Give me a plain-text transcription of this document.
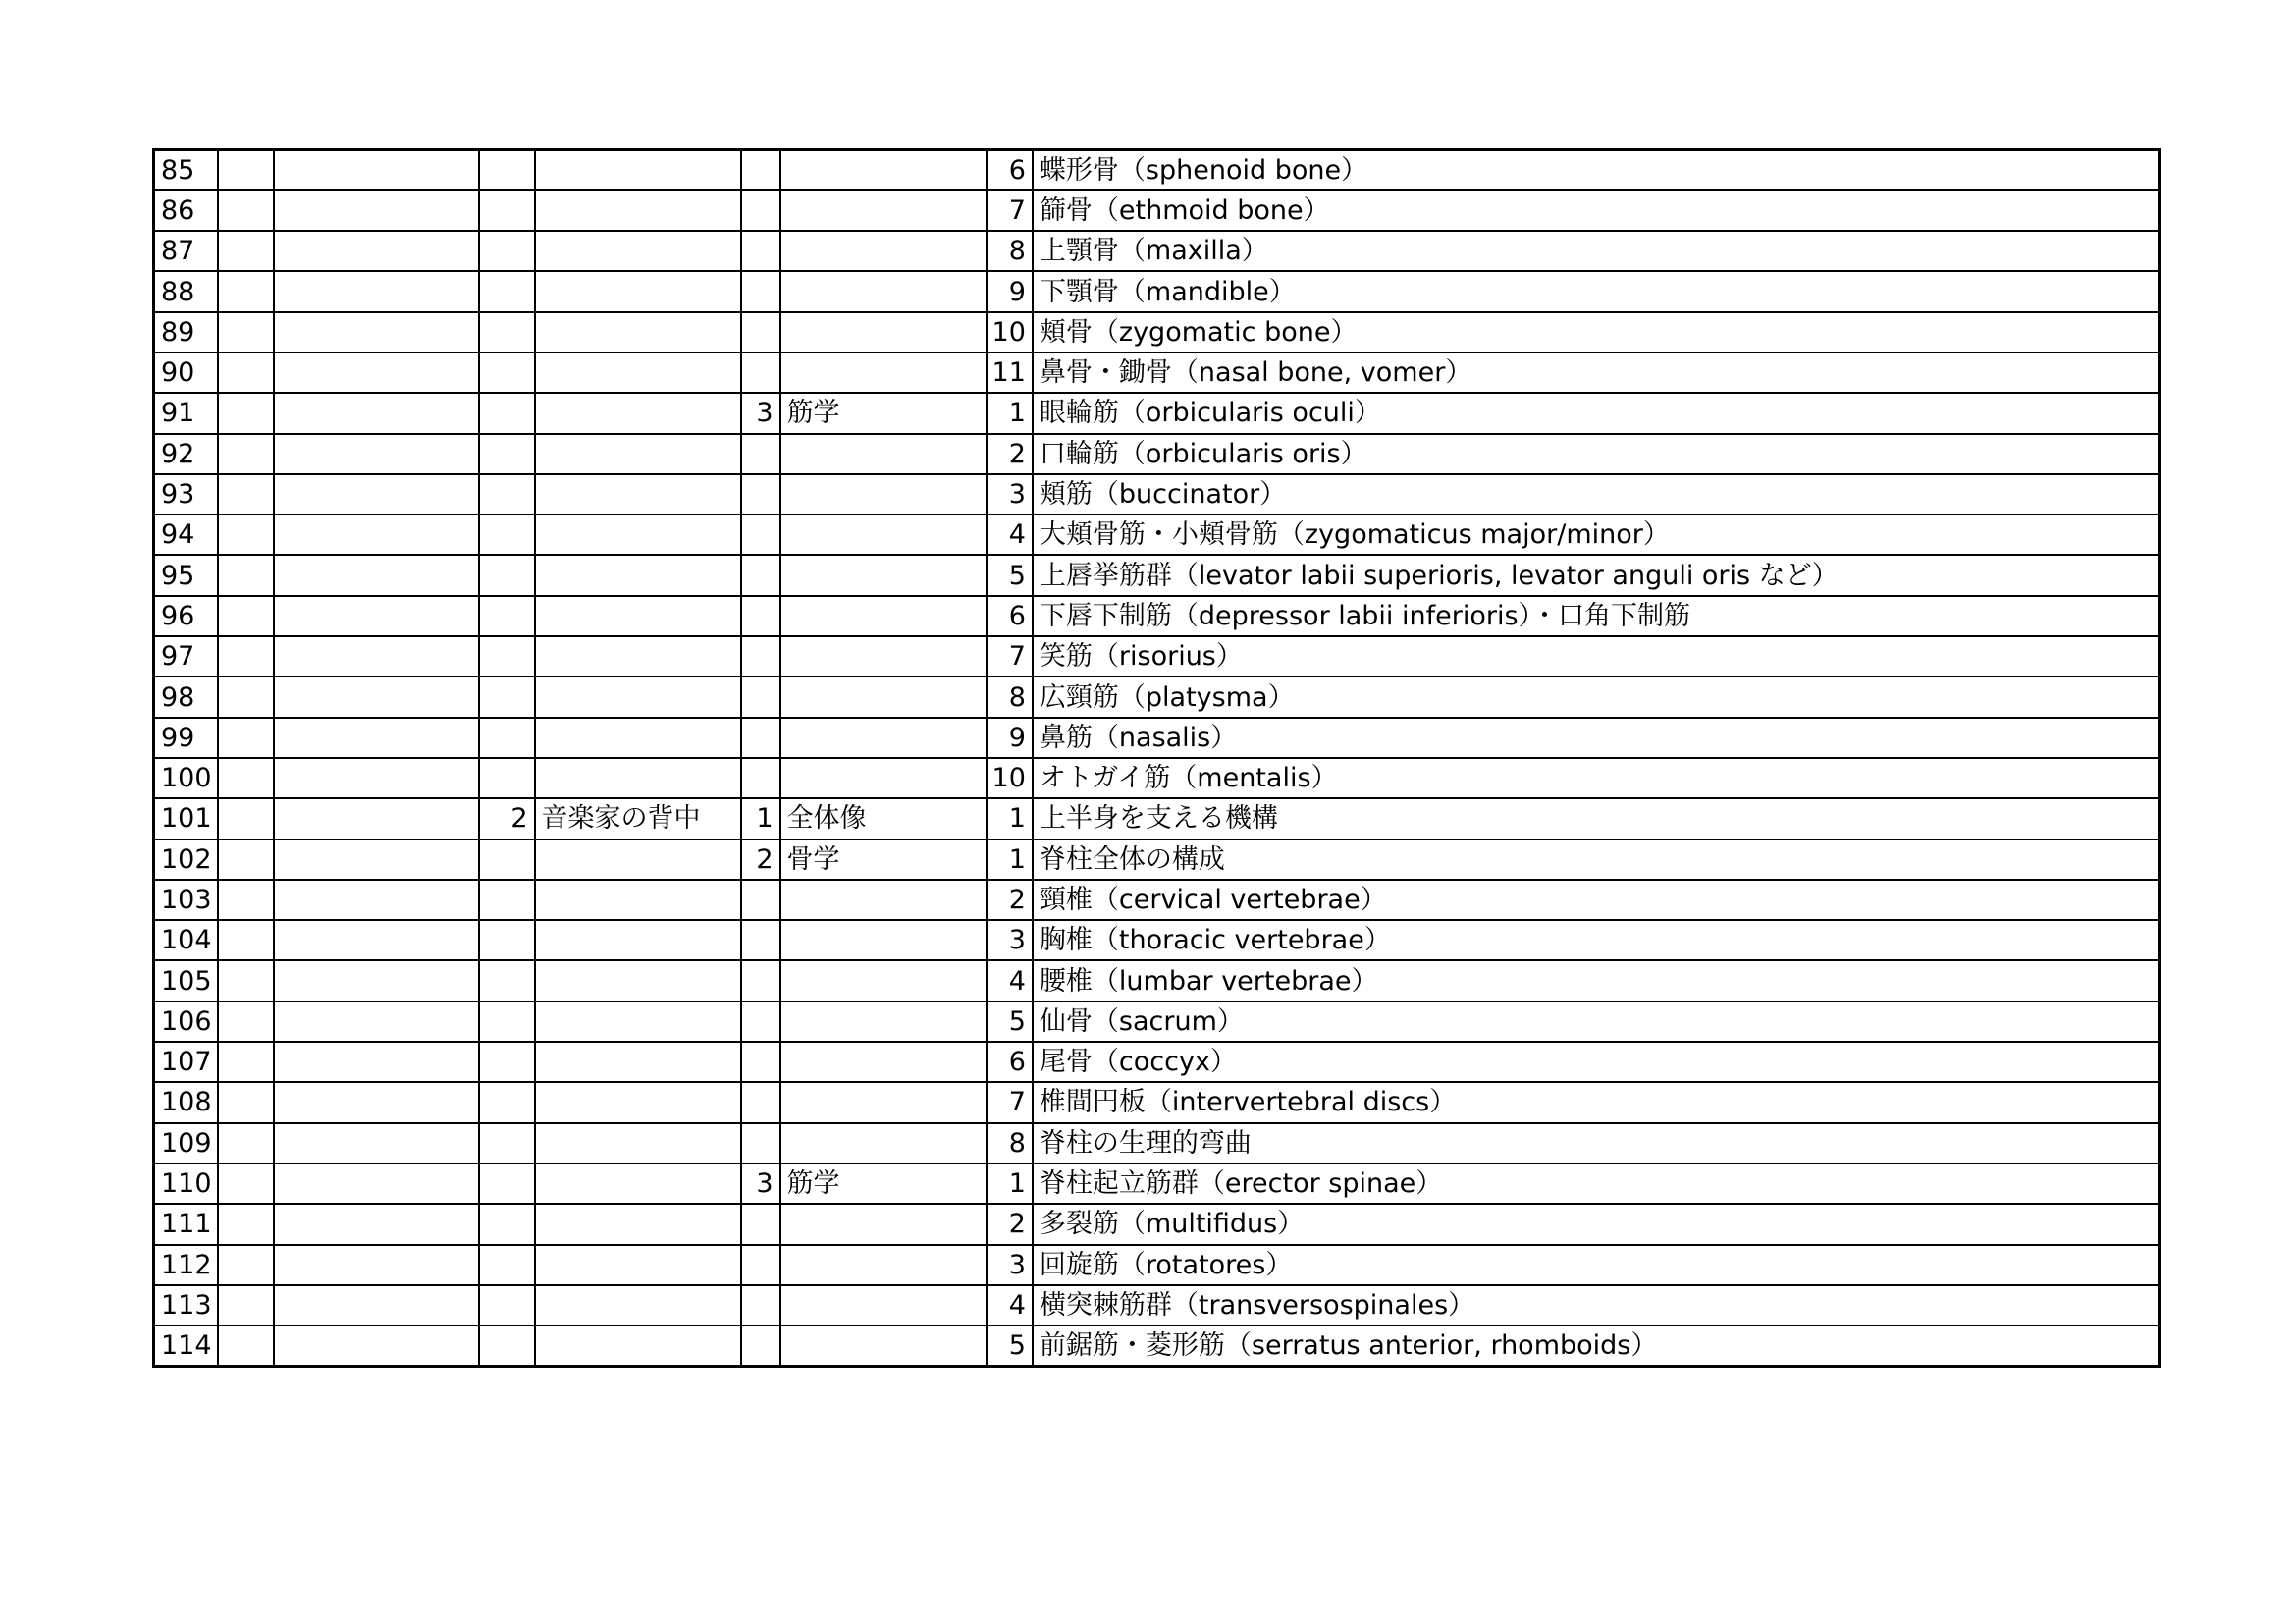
85							6	蝶形骨（sphenoid bone）
86							7	篩骨（ethmoid bone）
87							8	上顎骨（maxilla）
88							9	下顎骨（mandible）
89							10	頬骨（zygomatic bone）
90							11	鼻骨・鋤骨（nasal bone, vomer）
91					3	筋学	1	眼輪筋（orbicularis oculi）
92							2	口輪筋（orbicularis oris）
93							3	頬筋（buccinator）
94							4	大頬骨筋・小頬骨筋（zygomaticus major/minor）
95							5	上唇挙筋群（levator labii superioris, levator anguli oris など）
96							6	下唇下制筋（depressor labii inferioris）・口角下制筋
97							7	笑筋（risorius）
98							8	広頸筋（platysma）
99							9	鼻筋（nasalis）
100							10	オトガイ筋（mentalis）
101			2	音楽家の背中	1	全体像	1	上半身を支える機構
102					2	骨学	1	脊柱全体の構成
103							2	頸椎（cervical vertebrae）
104							3	胸椎（thoracic vertebrae）
105							4	腰椎（lumbar vertebrae）
106							5	仙骨（sacrum）
107							6	尾骨（coccyx）
108							7	椎間円板（intervertebral discs）
109							8	脊柱の生理的弯曲
110					3	筋学	1	脊柱起立筋群（erector spinae）
111							2	多裂筋（multifidus）
112							3	回旋筋（rotatores）
113							4	横突棘筋群（transversospinales）
114							5	前鋸筋・菱形筋（serratus anterior, rhomboids）
